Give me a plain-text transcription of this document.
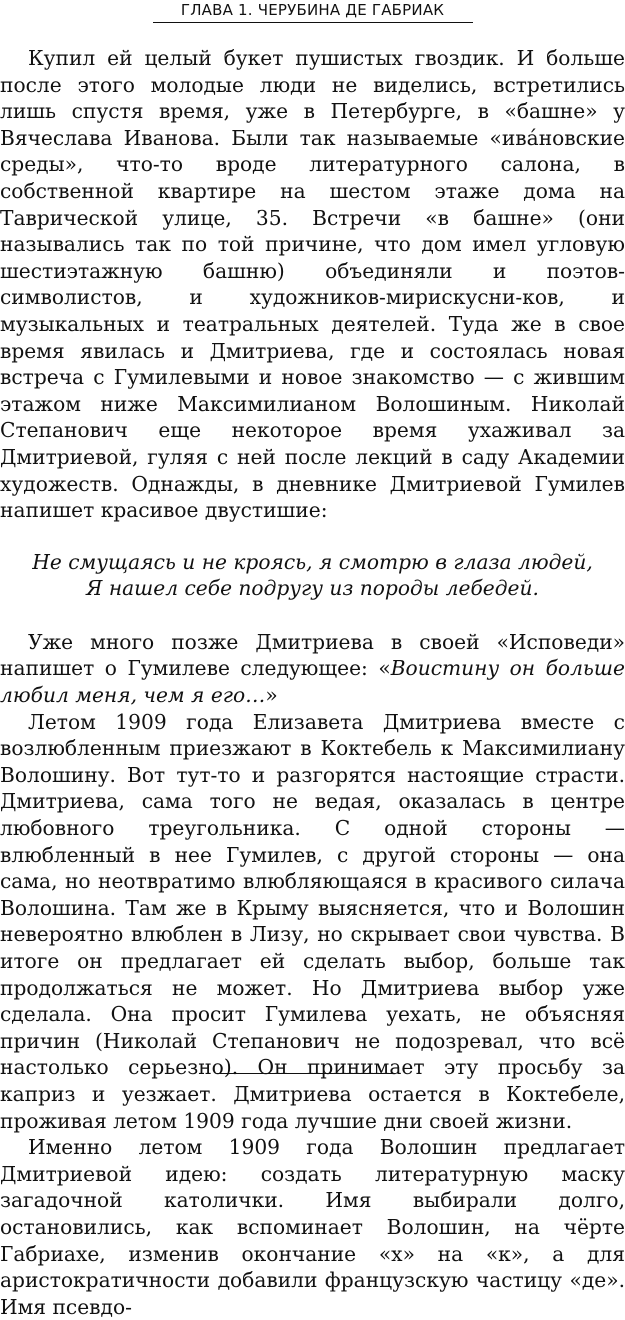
ГЛАВА 1. ЧЕРУБИНА ДЕ ГАБРИАК

Купил ей целый букет пушистых гвоздик. И больше после этого молодые люди не виделись, встретились лишь спустя время, уже в Петербурге, в «башне» у Вячеслава Иванова. Были так называемые «ивáновские среды», что-то вроде литературного салона, в собственной квартире на шестом этаже дома на Таврической улице, 35. Встречи «в башне» (они назывались так по той причине, что дом имел угловую шестиэтажную башню) объединяли и поэтов-символистов, и художников-мирискусни-ков, и музыкальных и театральных деятелей. Туда же в свое время явилась и Дмитриева, где и состоялась новая встреча с Гумилевыми и новое знакомство — с жившим этажом ниже Максимилианом Волошиным. Николай Степанович еще некоторое время ухаживал за Дмитриевой, гуляя с ней после лекций в саду Академии художеств. Однажды, в дневнике Дмитриевой Гумилев напишет красивое двустишие:

Не смущаясь и не кроясь, я смотрю в глаза людей,
Я нашел себе подругу из породы лебедей.

Уже много позже Дмитриева в своей «Исповеди» напишет о Гумилеве следующее: «Воистину он больше любил меня, чем я его…»

Летом 1909 года Елизавета Дмитриева вместе с возлюбленным приезжают в Коктебель к Максимилиану Волошину. Вот тут-то и разгорятся настоящие страсти. Дмитриева, сама того не ведая, оказалась в центре любовного треугольника. С одной стороны — влюбленный в нее Гумилев, с другой стороны — она сама, но неотвратимо влюбляющаяся в красивого силача Волошина. Там же в Крыму выясняется, что и Волошин невероятно влюблен в Лизу, но скрывает свои чувства. В итоге он предлагает ей сделать выбор, больше так продолжаться не может. Но Дмитриева выбор уже сделала. Она просит Гумилева уехать, не объясняя причин (Николай Степанович не подозревал, что всё настолько серьезно). Он принимает эту просьбу за каприз и уезжает. Дмитриева остается в Коктебеле, проживая летом 1909 года лучшие дни своей жизни.

Именно летом 1909 года Волошин предлагает Дмитриевой идею: создать литературную маску загадочной католички. Имя выбирали долго, остановились, как вспоминает Волошин, на чёрте Габриахе, изменив окончание «х» на «к», а для аристократичности добавили французскую частицу «де». Имя псевдо-
